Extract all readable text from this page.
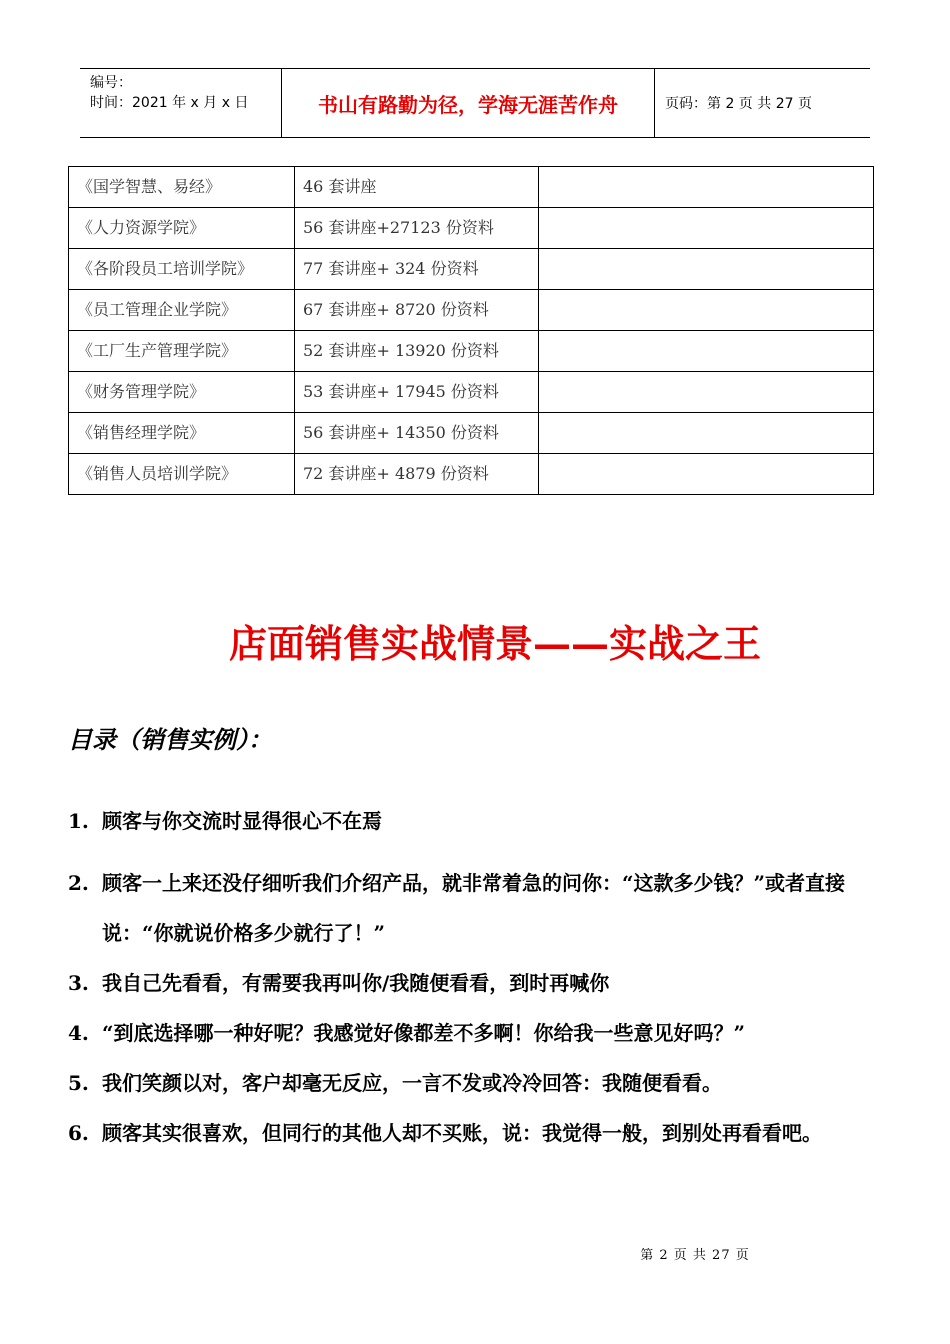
编号：
时间：2021 年 x 月 x 日	书山有路勤为径，学海无涯苦作舟	页码：第 2 页 共 27 页
《国学智慧、易经》	46 套讲座	
《人力资源学院》	56 套讲座+27123 份资料	
《各阶段员工培训学院》	77 套讲座+ 324 份资料	
《员工管理企业学院》	67 套讲座+ 8720 份资料	
《工厂生产管理学院》	52 套讲座+ 13920 份资料	
《财务管理学院》	53 套讲座+ 17945 份资料	
《销售经理学院》	56 套讲座+ 14350 份资料	
《销售人员培训学院》	72 套讲座+ 4879 份资料	
店面销售实战情景——实战之王
目录（销售实例）：
1. 顾客与你交流时显得很心不在焉
2. 顾客一上来还没仔细听我们介绍产品，就非常着急的问你：“这款多少钱？”或者直接说：“你就说价格多少就行了！”
3. 我自己先看看，有需要我再叫你/我随便看看，到时再喊你
4. “到底选择哪一种好呢？我感觉好像都差不多啊！你给我一些意见好吗？”
5. 我们笑颜以对，客户却毫无反应，一言不发或冷冷回答：我随便看看。
6. 顾客其实很喜欢，但同行的其他人却不买账，说：我觉得一般，到别处再看看吧。
第 2 页 共 27 页
